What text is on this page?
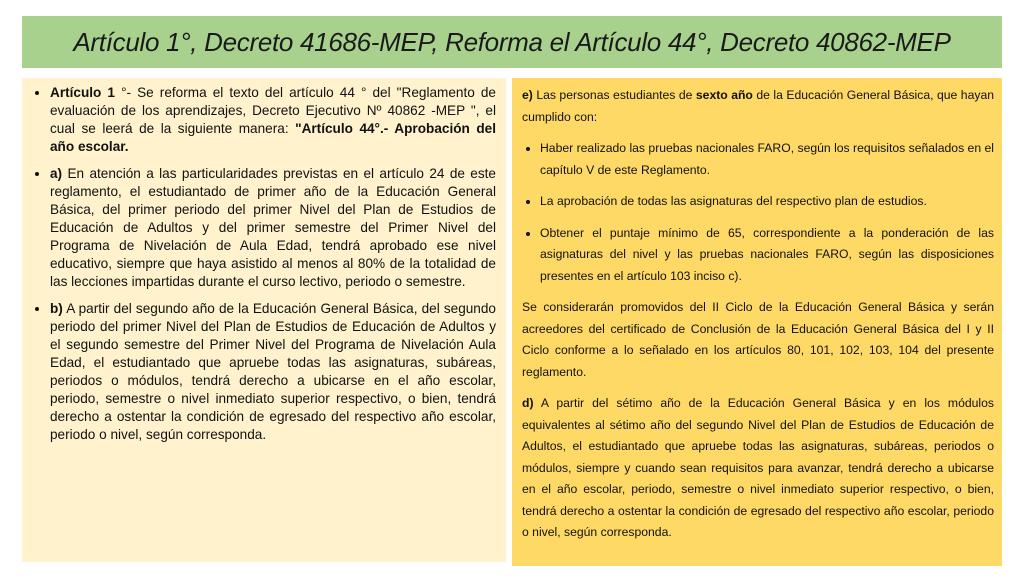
Artículo 1°, Decreto 41686-MEP, Reforma el Artículo 44°, Decreto 40862-MEP
• Artículo 1 °- Se reforma el texto del artículo 44 ° del "Reglamento de evaluación de los aprendizajes, Decreto Ejecutivo Nº 40862 -MEP ", el cual se leerá de la siguiente manera: "Artículo 44°.- Aprobación del año escolar.
• a) En atención a las particularidades previstas en el artículo 24 de este reglamento, el estudiantado de primer año de la Educación General Básica, del primer periodo del primer Nivel del Plan de Estudios de Educación de Adultos y del primer semestre del Primer Nivel del Programa de Nivelación de Aula Edad, tendrá aprobado ese nivel educativo, siempre que haya asistido al menos al 80% de la totalidad de las lecciones impartidas durante el curso lectivo, periodo o semestre.
• b) A partir del segundo año de la Educación General Básica, del segundo periodo del primer Nivel del Plan de Estudios de Educación de Adultos y el segundo semestre del Primer Nivel del Programa de Nivelación Aula Edad, el estudiantado que apruebe todas las asignaturas, subáreas, periodos o módulos, tendrá derecho a ubicarse en el año escolar, periodo, semestre o nivel inmediato superior respectivo, o bien, tendrá derecho a ostentar la condición de egresado del respectivo año escolar, periodo o nivel, según corresponda.

e) Las personas estudiantes de sexto año de la Educación General Básica, que hayan cumplido con:

• Haber realizado las pruebas nacionales FARO, según los requisitos señalados en el capítulo V de este Reglamento.
• La aprobación de todas las asignaturas del respectivo plan de estudios.
• Obtener el puntaje mínimo de 65, correspondiente a la ponderación de las asignaturas del nivel y las pruebas nacionales FARO, según las disposiciones presentes en el artículo 103 inciso c).

Se considerarán promovidos del II Ciclo de la Educación General Básica y serán acreedores del certificado de Conclusión de la Educación General Básica del I y II Ciclo conforme a lo señalado en los artículos 80, 101, 102, 103, 104 del presente reglamento.

d) A partir del sétimo año de la Educación General Básica y en los módulos equivalentes al sétimo año del segundo Nivel del Plan de Estudios de Educación de Adultos, el estudiantado que apruebe todas las asignaturas, subáreas, periodos o módulos, siempre y cuando sean requisitos para avanzar, tendrá derecho a ubicarse en el año escolar, periodo, semestre o nivel inmediato superior respectivo, o bien, tendrá derecho a ostentar la condición de egresado del respectivo año escolar, periodo o nivel, según corresponda.
